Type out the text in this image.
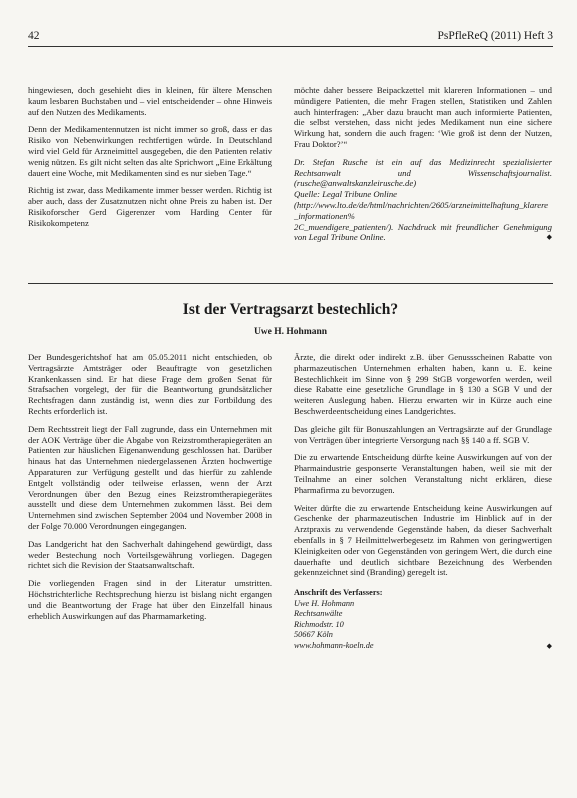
42	PsPfleReQ (2011) Heft 3

hingewiesen, doch gesehieht dies in kleinen, für ältere Menschen kaum lesbaren Buchstaben und – viel entscheidender – ohne Hinweis auf den Nutzen des Medikaments.

Denn der Medikamentennutzen ist nicht immer so groß, dass er das Risiko von Nebenwirkungen rechtfertigen würde. In Deutschland wird viel Geld für Arzneimittel ausgegeben, die den Patienten relativ wenig nützen. Es gilt nicht selten das alte Sprichwort „Eine Erkältung dauert eine Woche, mit Medikamenten sind es nur sieben Tage.“

Richtig ist zwar, dass Medikamente immer besser werden. Richtig ist aber auch, dass der Zusatznutzen nicht ohne Preis zu haben ist. Der Risikoforscher Gerd Gigerenzer vom Harding Center für Risikokompetenz

möchte daher bessere Beipackzettel mit klareren Informationen – und mündigere Patienten, die mehr Fragen stellen, Statistiken und Zahlen auch hinterfragen: „Aber dazu braucht man auch informierte Patienten, die selbst verstehen, dass nicht jedes Medikament nun eine sichere Wirkung hat, sondern die auch fragen: ‘Wie groß ist denn der Nutzen, Frau Doktor?’“

Dr. Stefan Rusche ist ein auf das Medizinrecht spezialisierter Rechtsanwalt und Wissenschaftsjournalist. (rusche@anwaltskanzleirusche.de)

Quelle: Legal Tribune Online

(http://www.lto.de/de/html/nachrichten/2605/arzneimittelhaftung_klarere_informationen%

2C_muendigere_patienten/). Nachdruck mit freundlicher Genehmigung von Legal Tribune Online.	◆

Ist der Vertragsarzt bestechlich?
Uwe H. Hohmann

Der Bundesgerichtshof hat am 05.05.2011 nicht entschieden, ob Vertragsärzte Amtsträger oder Beauftragte von gesetzlichen Krankenkassen sind. Er hat diese Frage dem großen Senat für Strafsachen vorgelegt, der für die Beantwortung grundsätzlicher Rechtsfragen dann zuständig ist, wenn dies zur Fortbildung des Rechts erforderlich ist.

Dem Rechtsstreit liegt der Fall zugrunde, dass ein Unternehmen mit der AOK Verträge über die Abgabe von Reizstromtherapiegeräten an Patienten zur häuslichen Eigenanwendung geschlossen hat. Darüber hinaus hat das Unternehmen niedergelassenen Ärzten hochwertige Apparaturen zur Verfügung gestellt und das hierfür zu zahlende Entgelt vollständig oder teilweise erlassen, wenn der Arzt Verordnungen über den Bezug eines Reizstromtherapiegerätes ausstellt und diese dem Unternehmen zukommen lässt. Bei dem Unternehmen sind zwischen September 2004 und November 2008 in der Folge 70.000 Verordnungen eingegangen.

Das Landgericht hat den Sachverhalt dahingehend gewürdigt, dass weder Bestechung noch Vorteilsgewährung vorliegen. Dagegen richtet sich die Revision der Staatsanwaltschaft.

Die vorliegenden Fragen sind in der Literatur umstritten. Höchstrichterliche Rechtsprechung hierzu ist bislang nicht ergangen und die Beantwortung der Frage hat über den Einzelfall hinaus erheblich Auswirkungen auf das Pharmamarketing.

Ärzte, die direkt oder indirekt z.B. über Genussscheinen Rabatte von pharmazeutischen Unternehmen erhalten haben, kann u. E. keine Bestechlichkeit im Sinne von § 299 StGB vorgeworfen werden, weil diese Rabatte eine gesetzliche Grundlage in § 130 a SGB V und der weiteren Auslegung haben. Hierzu erwarten wir in Kürze auch eine Beschwerdeentscheidung eines Landgerichtes.

Das gleiche gilt für Bonuszahlungen an Vertragsärzte auf der Grundlage von Verträgen über integrierte Versorgung nach §§ 140 a ff. SGB V.

Die zu erwartende Entscheidung dürfte keine Auswirkungen auf von der Pharmaindustrie gesponserte Veranstaltungen haben, weil sie mit der Teilnahme an einer solchen Veranstaltung nicht erklären, diese Pharmafirma zu bevorzugen.

Weiter dürfte die zu erwartende Entscheidung keine Auswirkungen auf Geschenke der pharmazeutischen Industrie im Hinblick auf in der Arztpraxis zu verwendende Gegenstände haben, da dieser Sachverhalt ebenfalls in § 7 Heilmittelwerbegesetz im Rahmen von geringwertigen Kleinigkeiten oder von Gegenständen von geringem Wert, die durch eine dauerhafte und deutlich sichtbare Bezeichnung des Werbenden gekennzeichnet sind (Branding) geregelt ist.

Anschrift des Verfassers:
Uwe H. Hohmann
Rechtsanwälte
Richmodstr. 10
50667 Köln
www.hohmann-koeln.de	◆
